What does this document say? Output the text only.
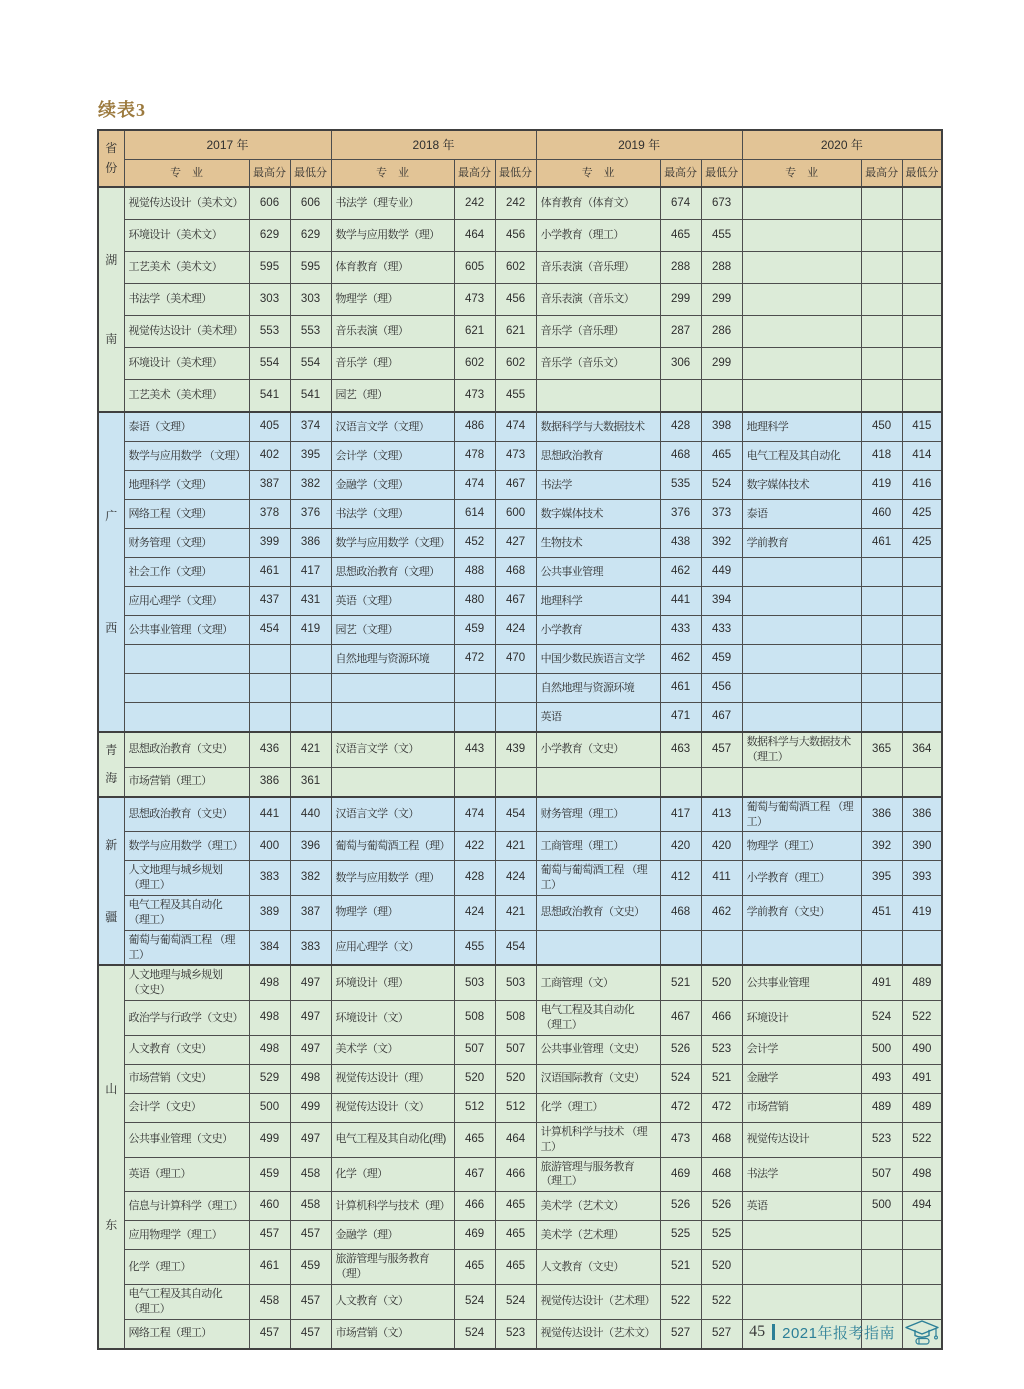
续表3
省
份	2017 年			2018 年			2019 年			2020 年		
	专　业	最高分	最低分	专　业	最高分	最低分	专　业	最高分	最低分	专　业	最高分	最低分

湖
南	视觉传达设计（美术文）	606	606	书法学（理专业）	242	242	体育教育（体育文）	674	673			
	环境设计（美术文）	629	629	数学与应用数学（理）	464	456	小学教育（理工）	465	455			
	工艺美术（美术文）	595	595	体育教育（理）	605	602	音乐表演（音乐理）	288	288			
	书法学（美术理）	303	303	物理学（理）	473	456	音乐表演（音乐文）	299	299			
	视觉传达设计（美术理）	553	553	音乐表演（理）	621	621	音乐学（音乐理）	287	286			
	环境设计（美术理）	554	554	音乐学（理）	602	602	音乐学（音乐文）	306	299			
	工艺美术（美术理）	541	541	园艺（理）	473	455						

广
西	泰语（文理）	405	374	汉语言文学（文理）	486	474	数据科学与大数据技术	428	398	地理科学	450	415
	数学与应用数学 （文理）	402	395	会计学（文理）	478	473	思想政治教育	468	465	电气工程及其自动化	418	414
	地理科学（文理）	387	382	金融学（文理）	474	467	书法学	535	524	数字媒体技术	419	416
	网络工程（文理）	378	376	书法学（文理）	614	600	数字媒体技术	376	373	泰语	460	425
	财务管理（文理）	399	386	数学与应用数学（文理）	452	427	生物技术	438	392	学前教育	461	425
	社会工作（文理）	461	417	思想政治教育（文理）	488	468	公共事业管理	462	449			
	应用心理学（文理）	437	431	英语（文理）	480	467	地理科学	441	394			
	公共事业管理（文理）	454	419	园艺（文理）	459	424	小学教育	433	433			
				自然地理与资源环境	472	470	中国少数民族语言文学	462	459			
							自然地理与资源环境	461	456			
							英语	471	467			

青
海	思想政治教育（文史）	436	421	汉语言文学（文）	443	439	小学教育（文史）	463	457	数据科学与大数据技术（理工）	365	364
	市场营销（理工）	386	361									

新
疆	思想政治教育（文史）	441	440	汉语言文学（文）	474	454	财务管理（理工）	417	413	葡萄与葡萄酒工程 （理工）	386	386
	数学与应用数学（理工）	400	396	葡萄与葡萄酒工程（理）	422	421	工商管理（理工）	420	420	物理学（理工）	392	390
	人文地理与城乡规划 （理工）	383	382	数学与应用数学（理）	428	424	葡萄与葡萄酒工程 （理工）	412	411	小学教育（理工）	395	393
	电气工程及其自动化 （理工）	389	387	物理学（理）	424	421	思想政治教育（文史）	468	462	学前教育（文史）	451	419
	葡萄与葡萄酒工程 （理工）	384	383	应用心理学（文）	455	454						

山
东	人文地理与城乡规划 （文史）	498	497	环境设计（理）	503	503	工商管理（文）	521	520	公共事业管理	491	489
	政治学与行政学（文史）	498	497	环境设计（文）	508	508	电气工程及其自动化 （理工）	467	466	环境设计	524	522
	人文教育（文史）	498	497	美术学（文）	507	507	公共事业管理（文史）	526	523	会计学	500	490
	市场营销（文史）	529	498	视觉传达设计（理）	520	520	汉语国际教育（文史）	524	521	金融学	493	491
	会计学（文史）	500	499	视觉传达设计（文）	512	512	化学（理工）	472	472	市场营销	489	489
	公共事业管理（文史）	499	497	电气工程及其自动化(理)	465	464	计算机科学与技术 （理工）	473	468	视觉传达设计	523	522
	英语（理工）	459	458	化学（理）	467	466	旅游管理与服务教育 （理工）	469	468	书法学	507	498
	信息与计算科学（理工）	460	458	计算机科学与技术（理）	466	465	美术学（艺术文）	526	526	英语	500	494
	应用物理学（理工）	457	457	金融学（理）	469	465	美术学（艺术理）	525	525			
	化学（理工）	461	459	旅游管理与服务教育（理）	465	465	人文教育（文史）	521	520			
	电气工程及其自动化 （理工）	458	457	人文教育（文）	524	524	视觉传达设计（艺术理）	522	522			
	网络工程（理工）	457	457	市场营销（文）	524	523	视觉传达设计（艺术文）	527	527			45 2021年报考指南
